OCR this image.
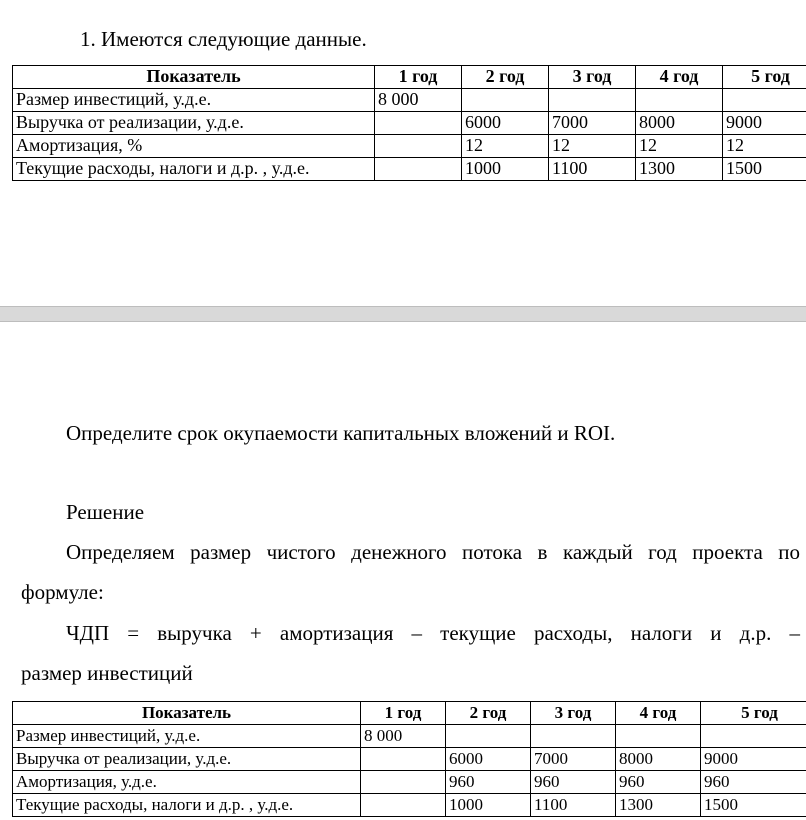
1. Имеются следующие данные.

Показатель	1 год	2 год	3 год	4 год	5 год
Размер инвестиций, у.д.е.	8 000				
Выручка от реализации, у.д.е.		6000	7000	8000	9000
Амортизация, %		12	12	12	12
Текущие расходы, налоги и д.р. , у.д.е.		1000	1100	1300	1500

Определите срок окупаемости капитальных вложений и ROI.

Решение

Определяем размер чистого денежного потока в каждый год проекта по

формуле:

ЧДП = выручка + амортизация – текущие расходы, налоги и д.р. –

размер инвестиций

Показатель	1 год	2 год	3 год	4 год	5 год
Размер инвестиций, у.д.е.	8 000				
Выручка от реализации, у.д.е.		6000	7000	8000	9000
Амортизация, у.д.е.		960	960	960	960
Текущие расходы, налоги и д.р. , у.д.е.		1000	1100	1300	1500
